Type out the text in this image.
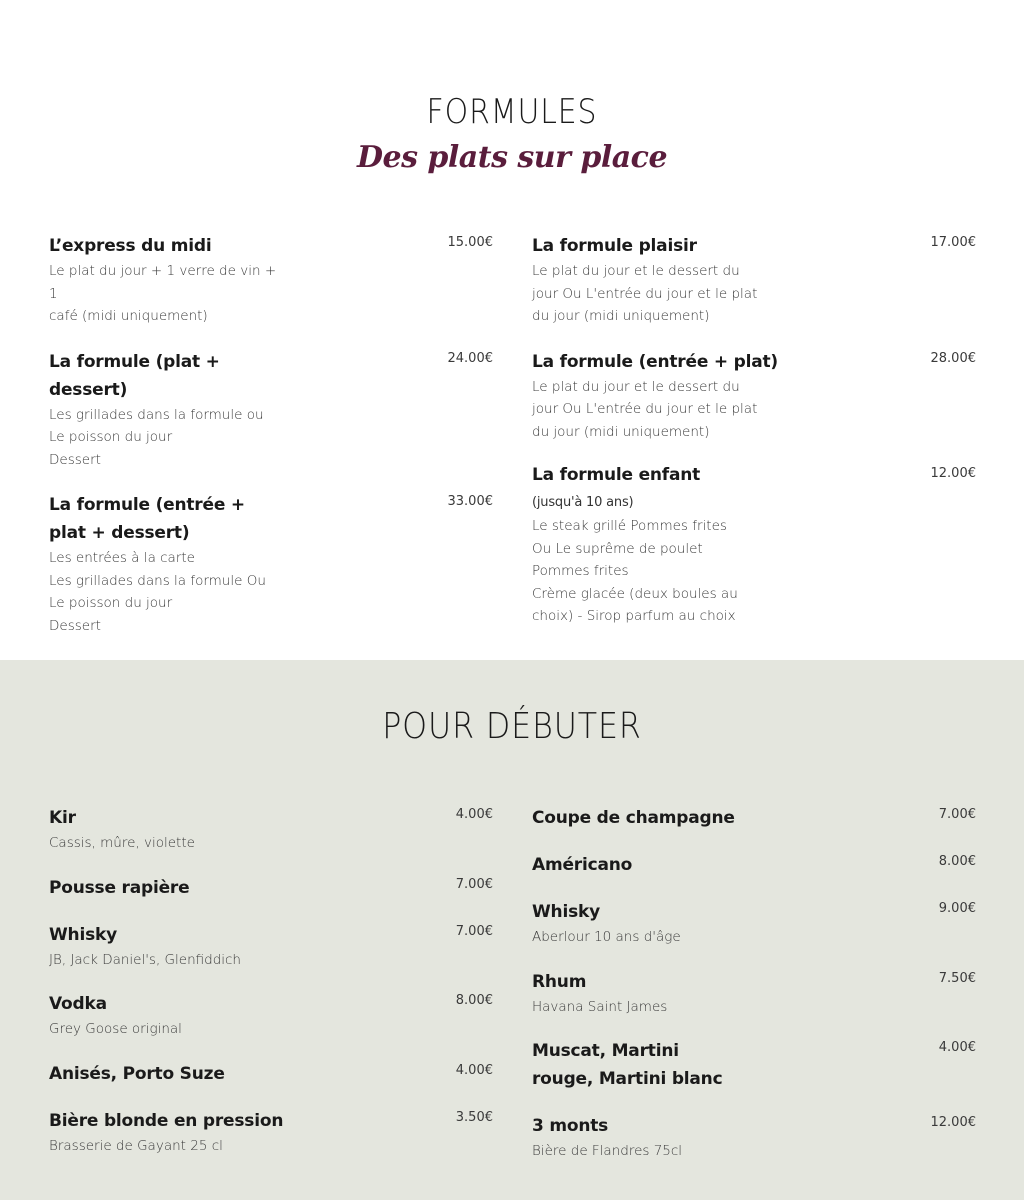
FORMULES
Des plats sur place
L’express du midi
Le plat du jour + 1 verre de vin + 1
café (midi uniquement)
15.00€
La formule (plat + dessert)
Les grillades dans la formule ou
Le poisson du jour
Dessert
24.00€
La formule (entrée + plat + dessert)
Les entrées à la carte
Les grillades dans la formule Ou
Le poisson du jour
Dessert
33.00€
La formule plaisir
Le plat du jour et le dessert du
jour Ou L'entrée du jour et le plat
du jour (midi uniquement)
17.00€
La formule (entrée + plat)
Le plat du jour et le dessert du
jour Ou L'entrée du jour et le plat
du jour (midi uniquement)
28.00€
La formule enfant (jusqu'à 10 ans)
Le steak grillé Pommes frites
Ou Le suprême de poulet
Pommes frites
Crème glacée (deux boules au
choix) - Sirop parfum au choix
12.00€
POUR DÉBUTER
Kir
Cassis, mûre, violette
4.00€
Pousse rapière	7.00€
Whisky
JB, Jack Daniel's, Glenfiddich
7.00€
Vodka
Grey Goose original
8.00€
Anisés, Porto Suze	4.00€
Bière blonde en pression
Brasserie de Gayant 25 cl
3.50€
Coupe de champagne	7.00€
Américano	8.00€
Whisky
Aberlour 10 ans d'âge
9.00€
Rhum
Havana Saint James
7.50€
Muscat, Martini rouge, Martini blanc
4.00€
3 monts
Bière de Flandres 75cl
12.00€
